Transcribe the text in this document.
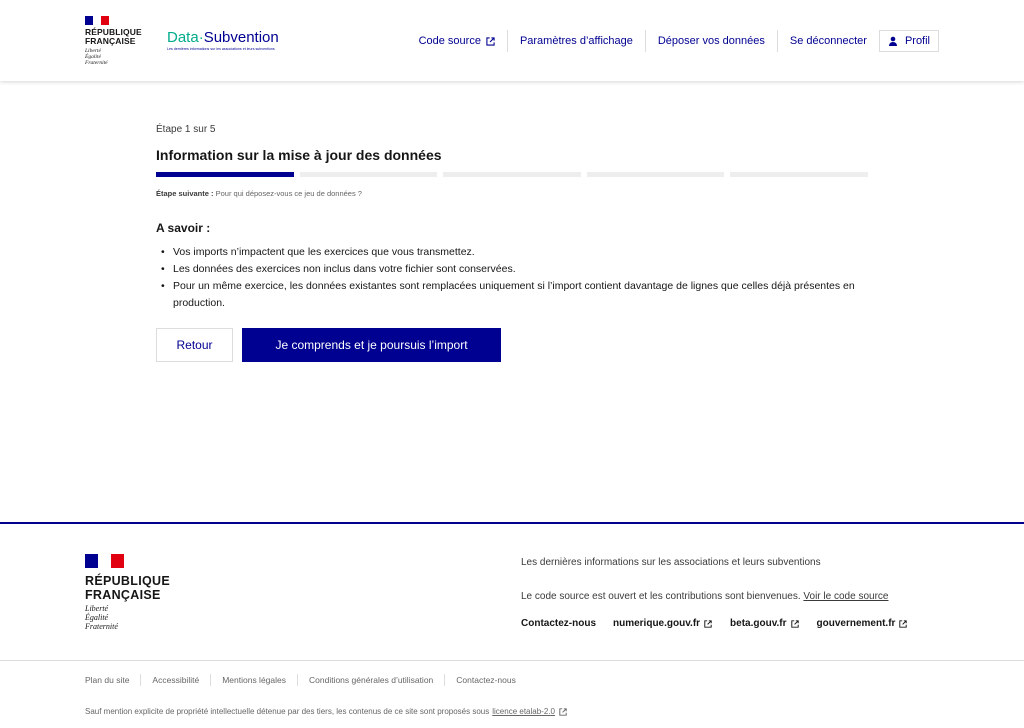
RÉPUBLIQUE
FRANÇAISE
Liberté
Égalité
Fraternité
Data·Subvention
Les dernières informations sur les associations et leurs subventions
Code source	Paramètres d’affichage	Déposer vos données	Se déconnecter	Profil
Étape 1 sur 5
Information sur la mise à jour des données
Étape suivante : Pour qui déposez-vous ce jeu de données ?
A savoir :
• Vos imports n’impactent que les exercices que vous transmettez.
• Les données des exercices non inclus dans votre fichier sont conservées.
• Pour un même exercice, les données existantes sont remplacées uniquement si l’import contient davantage de lignes que celles déjà présentes en production.
Retour	Je comprends et je poursuis l’import
RÉPUBLIQUE
FRANÇAISE
Liberté
Égalité
Fraternité
Les dernières informations sur les associations et leurs subventions
Le code source est ouvert et les contributions sont bienvenues. Voir le code source
Contactez-nous numerique.gouv.fr	beta.gouv.fr	gouvernement.fr
Plan du site	Accessibilité	Mentions légales	Conditions générales d’utilisation	Contactez-nous
Sauf mention explicite de propriété intellectuelle détenue par des tiers, les contenus de ce site sont proposés sous licence etalab-2.0
